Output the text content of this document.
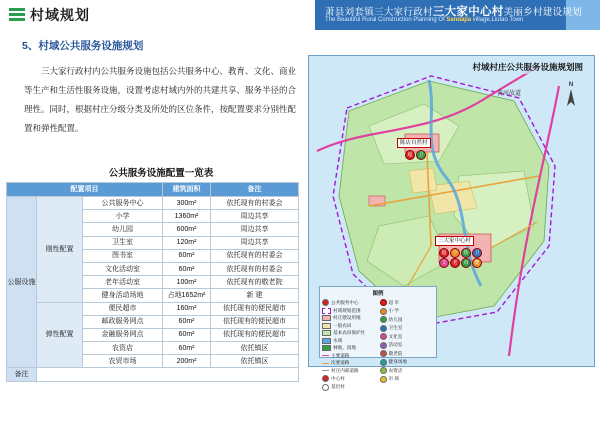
村域规划	萧县刘套镇三大家行政村三大家中心村美丽乡村建设规划
The Beautiful Rural Construction Planning Of Sandajia village,Liutao Town
5、村域公共服务设施规划
三大家行政村内公共服务设施包括公共服务中心、教育、文化、商业等生产和生活性服务设施，设置考虑村域内外的共建共享、服务半径的合理性。同时，根据村庄分级分类及所处的区位条件，按配置要求分别性配置和弹性配置。
公共服务设施配置一览表
配置项目			建筑面积	备注
公服设施	刚性配置	公共服务中心	300m²	依托现有的村委会
		小学	1360m²	周边共享
		幼儿园	600m²	周边共享
		卫生室	120m²	周边共享
		图书室	60m²	依托现有的村委会
		文化活动室	60m²	依托现有的村委会
		老年活动室	100m²	依托现有的敬老院
		健身活动场地	占地1652m²	新 建
	弹性配置	便民超市	160m²	依托现有的便民超市
		邮政服务网点	60m²	依托现有的便民超市
		金融服务网点	60m²	依托现有的便民超市
		农资店	60m²	依托镇区
		农贸市场	200m²	依托镇区
备注				
村域村庄公共服务设施规划图
N
黄河故道
陈店自然村
超	卫
三大家中心村
超	小	幼	卫
文	老	市	健
图例
公共服务中心
村域规划范围
村庄建设用地
一般农田
基本农田保护区
水域
林地、园地
主要道路
次要道路
村庄内部道路
中心村
基层村
超 市
小 学
幼儿园
卫生室
文化室
活动室
敬老院
健身场地
农资店
市 场
